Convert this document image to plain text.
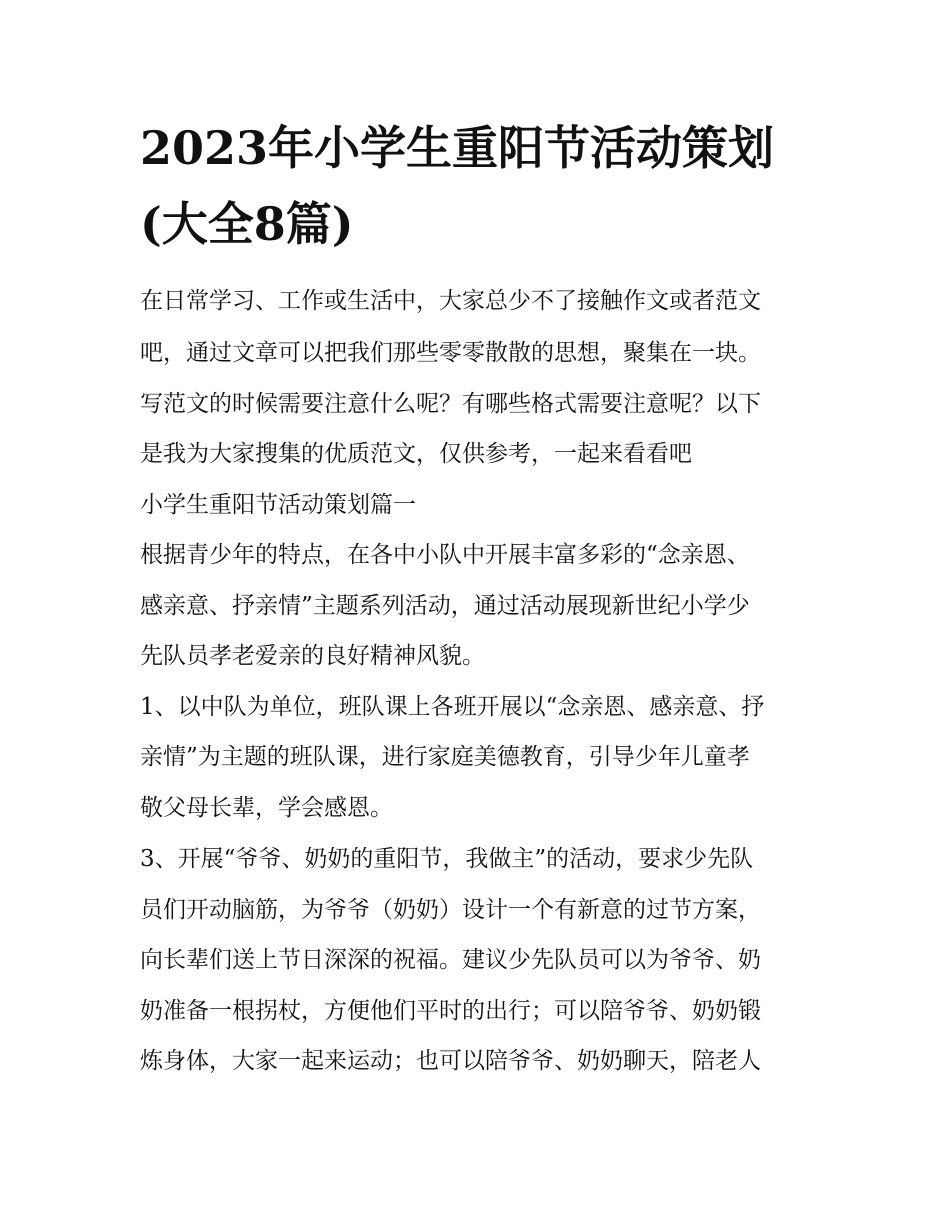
2023年小学生重阳节活动策划
(大全8篇)
在日常学习、工作或生活中，大家总少不了接触作文或者范文
吧，通过文章可以把我们那些零零散散的思想，聚集在一块。
写范文的时候需要注意什么呢？有哪些格式需要注意呢？以下
是我为大家搜集的优质范文，仅供参考，一起来看看吧
小学生重阳节活动策划篇一
根据青少年的特点，在各中小队中开展丰富多彩的“念亲恩、
感亲意、抒亲情”主题系列活动，通过活动展现新世纪小学少
先队员孝老爱亲的良好精神风貌。
1、以中队为单位，班队课上各班开展以“念亲恩、感亲意、抒
亲情”为主题的班队课，进行家庭美德教育，引导少年儿童孝
敬父母长辈，学会感恩。
3、开展“爷爷、奶奶的重阳节，我做主”的活动，要求少先队
员们开动脑筋，为爷爷（奶奶）设计一个有新意的过节方案，
向长辈们送上节日深深的祝福。建议少先队员可以为爷爷、奶
奶准备一根拐杖，方便他们平时的出行；可以陪爷爷、奶奶锻
炼身体，大家一起来运动；也可以陪爷爷、奶奶聊天，陪老人
